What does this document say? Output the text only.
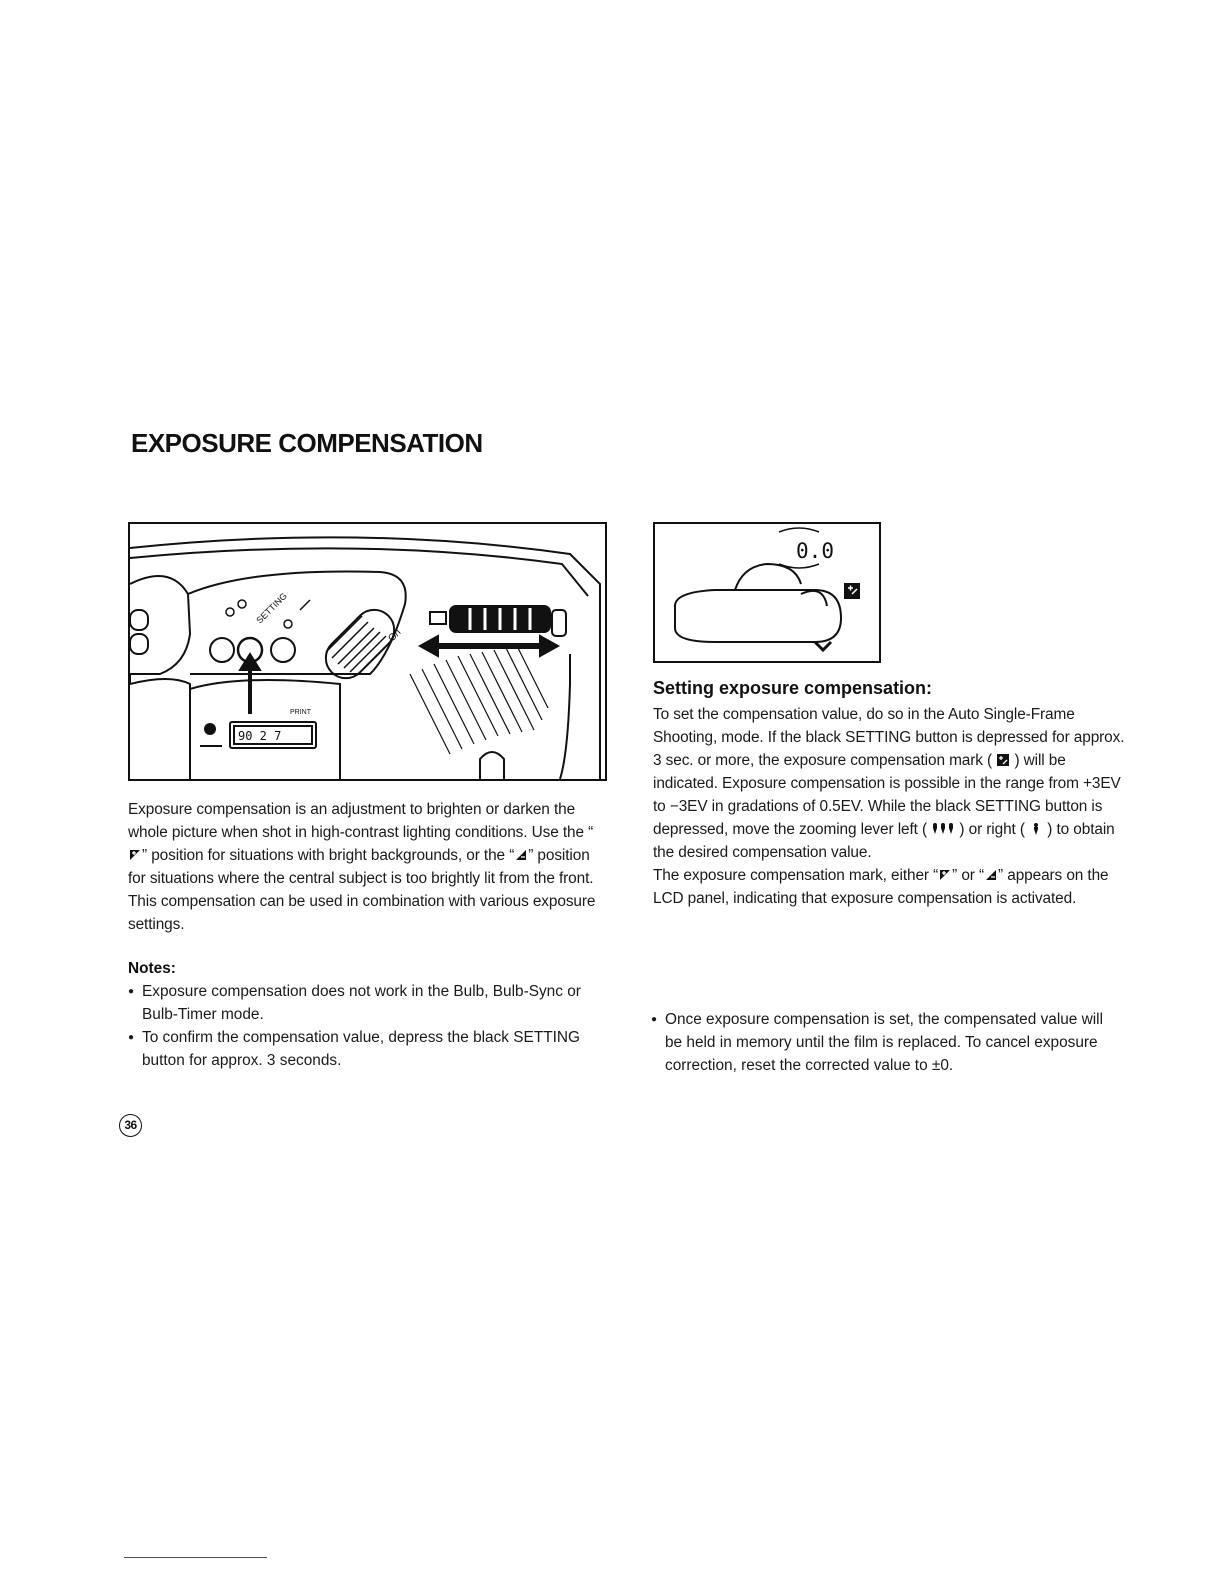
EXPOSURE COMPENSATION
SETTING
O/I
90 2 7
PRINT
0.0

Exposure compensation is an adjustment to brighten or darken the whole picture when shot in high-contrast lighting conditions. Use the “” position for situations with bright backgrounds, or the “ ” position for situations where the central subject is too brightly lit from the front. This compensation can be used in combination with various exposure settings.

Notes:

● Exposure compensation does not work in the Bulb, Bulb-Sync or Bulb-Timer mode.
● To confirm the compensation value, depress the black SETTING button for approx. 3 seconds.

Setting exposure compensation:

To set the compensation value, do so in the Auto Single-Frame Shooting, mode. If the black SETTING button is depressed for approx. 3 sec. or more, the exposure compensation mark ( ) will be indicated. Exposure compensation is possible in the range from +3EV to −3EV in gradations of 0.5EV. While the black SETTING button is depressed, move the zooming lever left ( ) or right ( ) to obtain the desired compensation value.
The exposure compensation mark, either “ ” or “ ” appears on the LCD panel, indicating that exposure compensation is activated.

● Once exposure compensation is set, the compensated value will be held in memory until the film is replaced. To cancel exposure correction, reset the corrected value to ±0.
36
